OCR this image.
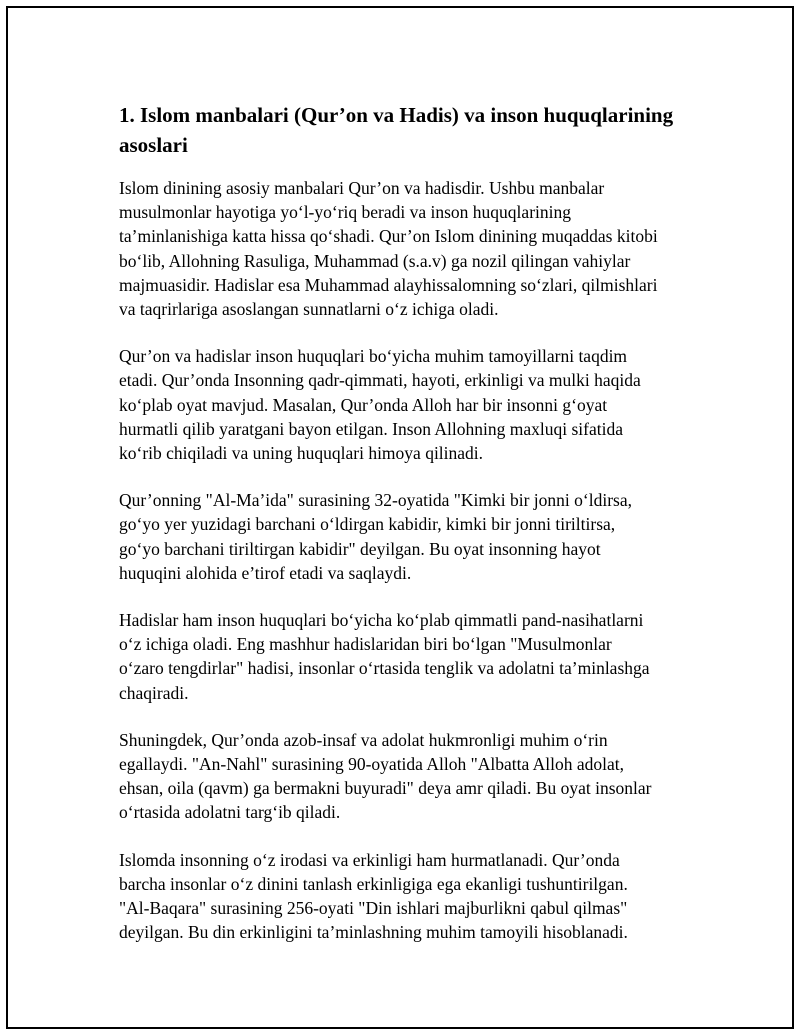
1. Islom manbalari (Qur’on va Hadis) va inson huquqlarining
asoslari

Islom dinining asosiy manbalari Qur’on va hadisdir. Ushbu manbalar
musulmonlar hayotiga yo‘l-yo‘riq beradi va inson huquqlarining
ta’minlanishiga katta hissa qo‘shadi. Qur’on Islom dinining muqaddas kitobi
bo‘lib, Allohning Rasuliga, Muhammad (s.a.v) ga nozil qilingan vahiylar
majmuasidir. Hadislar esa Muhammad alayhissalomning so‘zlari, qilmishlari
va taqrirlariga asoslangan sunnatlarni o‘z ichiga oladi.

Qur’on va hadislar inson huquqlari bo‘yicha muhim tamoyillarni taqdim
etadi. Qur’onda Insonning qadr-qimmati, hayoti, erkinligi va mulki haqida
ko‘plab oyat mavjud. Masalan, Qur’onda Alloh har bir insonni g‘oyat
hurmatli qilib yaratgani bayon etilgan. Inson Allohning maxluqi sifatida
ko‘rib chiqiladi va uning huquqlari himoya qilinadi.

Qur’onning "Al-Ma’ida" surasining 32-oyatida "Kimki bir jonni o‘ldirsa,
go‘yo yer yuzidagi barchani o‘ldirgan kabidir, kimki bir jonni tiriltirsa,
go‘yo barchani tiriltirgan kabidir" deyilgan. Bu oyat insonning hayot
huquqini alohida e’tirof etadi va saqlaydi.

Hadislar ham inson huquqlari bo‘yicha ko‘plab qimmatli pand-nasihatlarni
o‘z ichiga oladi. Eng mashhur hadislaridan biri bo‘lgan "Musulmonlar
o‘zaro tengdirlar" hadisi, insonlar o‘rtasida tenglik va adolatni ta’minlashga
chaqiradi.

Shuningdek, Qur’onda azob-insaf va adolat hukmronligi muhim o‘rin
egallaydi. "An-Nahl" surasining 90-oyatida Alloh "Albatta Alloh adolat,
ehsan, oila (qavm) ga bermakni buyuradi" deya amr qiladi. Bu oyat insonlar
o‘rtasida adolatni targ‘ib qiladi.

Islomda insonning o‘z irodasi va erkinligi ham hurmatlanadi. Qur’onda
barcha insonlar o‘z dinini tanlash erkinligiga ega ekanligi tushuntirilgan.
"Al-Baqara" surasining 256-oyati "Din ishlari majburlikni qabul qilmas"
deyilgan. Bu din erkinligini ta’minlashning muhim tamoyili hisoblanadi.
